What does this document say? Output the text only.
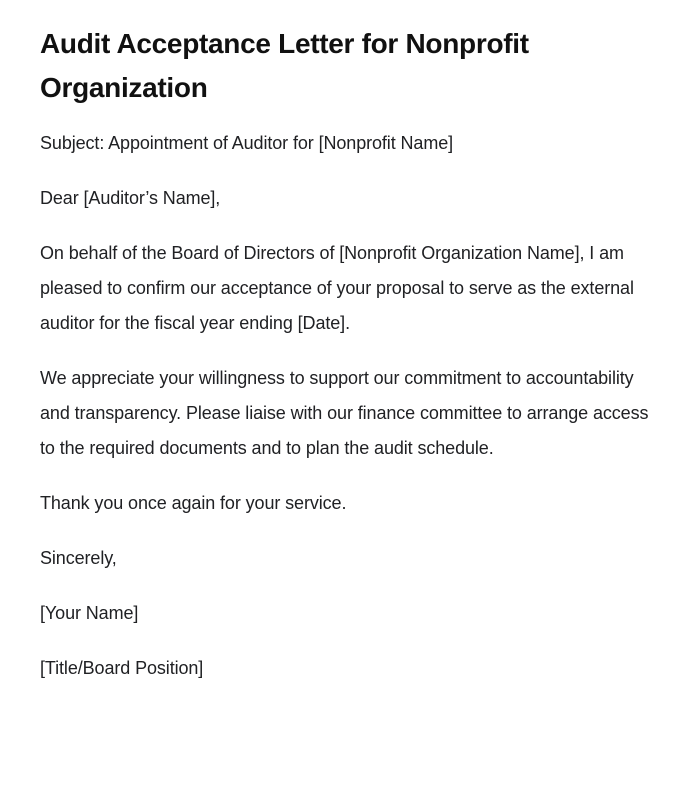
Audit Acceptance Letter for Nonprofit Organization

Subject: Appointment of Auditor for [Nonprofit Name]

Dear [Auditor’s Name],

On behalf of the Board of Directors of [Nonprofit Organization Name], I am pleased to confirm our acceptance of your proposal to serve as the external auditor for the fiscal year ending [Date].

We appreciate your willingness to support our commitment to accountability and transparency. Please liaise with our finance committee to arrange access to the required documents and to plan the audit schedule.

Thank you once again for your service.

Sincerely,

[Your Name]

[Title/Board Position]
